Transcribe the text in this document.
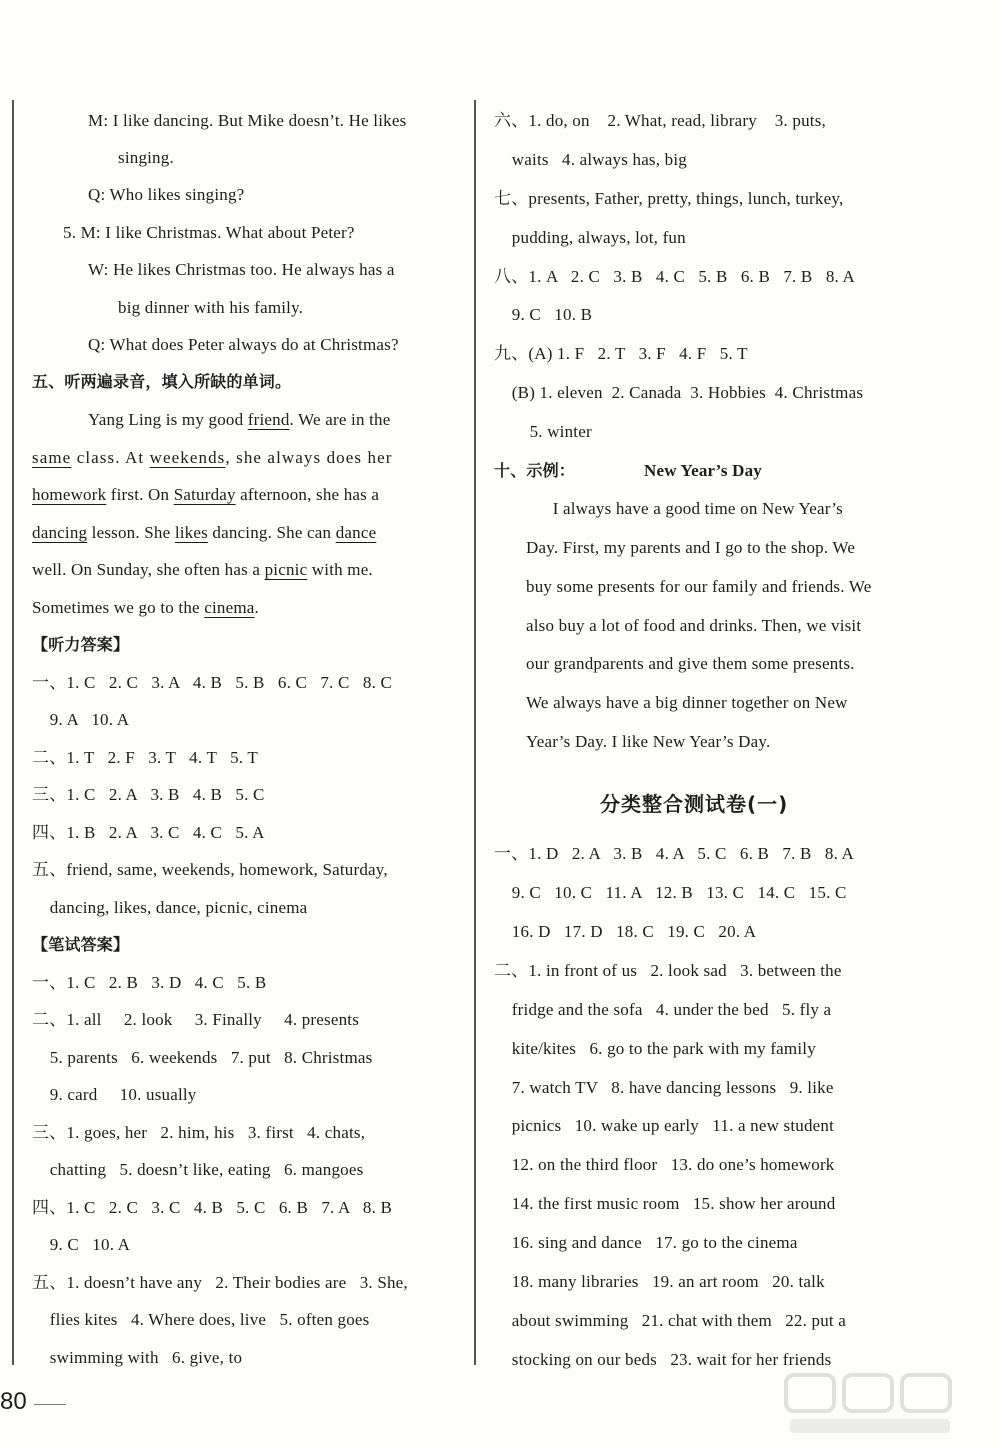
M: I like dancing. But Mike doesn’t. He likes
singing.
Q: Who likes singing?
5. M: I like Christmas. What about Peter?
W: He likes Christmas too. He always has a
big dinner with his family.
Q: What does Peter always do at Christmas?
五、听两遍录音，填入所缺的单词。
Yang Ling is my good friend. We are in the
same class. At weekends, she always does her
homework first. On Saturday afternoon, she has a
dancing lesson. She likes dancing. She can dance
well. On Sunday, she often has a picnic with me.
Sometimes we go to the cinema.
【听力答案】
一、1. C   2. C   3. A   4. B   5. B   6. C   7. C   8. C
9. A   10. A
二、1. T   2. F   3. T   4. T   5. T
三、1. C   2. A   3. B   4. B   5. C
四、1. B   2. A   3. C   4. C   5. A
五、friend, same, weekends, homework, Saturday,
dancing, likes, dance, picnic, cinema
【笔试答案】
一、1. C   2. B   3. D   4. C   5. B
二、1. all     2. look     3. Finally     4. presents
5. parents   6. weekends   7. put   8. Christmas
9. card     10. usually
三、1. goes, her   2. him, his   3. first   4. chats,
chatting   5. doesn’t like, eating   6. mangoes
四、1. C   2. C   3. C   4. B   5. C   6. B   7. A   8. B
9. C   10. A
五、1. doesn’t have any   2. Their bodies are   3. She,
flies kites   4. Where does, live   5. often goes
swimming with   6. give, to
六、1. do, on    2. What, read, library    3. puts,
waits   4. always has, big
七、presents, Father, pretty, things, lunch, turkey,
pudding, always, lot, fun
八、1. A   2. C   3. B   4. C   5. B   6. B   7. B   8. A
9. C   10. B
九、(A) 1. F   2. T   3. F   4. F   5. T
(B) 1. eleven  2. Canada  3. Hobbies  4. Christmas
5. winter
十、示例：	New Year’s Day
I always have a good time on New Year’s
Day. First, my parents and I go to the shop. We
buy some presents for our family and friends. We
also buy a lot of food and drinks. Then, we visit
our grandparents and give them some presents.
We always have a big dinner together on New
Year’s Day. I like New Year’s Day.
分类整合测试卷(一)
一、1. D   2. A   3. B   4. A   5. C   6. B   7. B   8. A
9. C   10. C   11. A   12. B   13. C   14. C   15. C
16. D   17. D   18. C   19. C   20. A
二、1. in front of us   2. look sad   3. between the
fridge and the sofa   4. under the bed   5. fly a
kite/kites   6. go to the park with my family
7. watch TV   8. have dancing lessons   9. like
picnics   10. wake up early   11. a new student
12. on the third floor   13. do one’s homework
14. the first music room   15. show her around
16. sing and dance   17. go to the cinema
18. many libraries   19. an art room   20. talk
about swimming   21. chat with them   22. put a
stocking on our beds   23. wait for her friends
80
